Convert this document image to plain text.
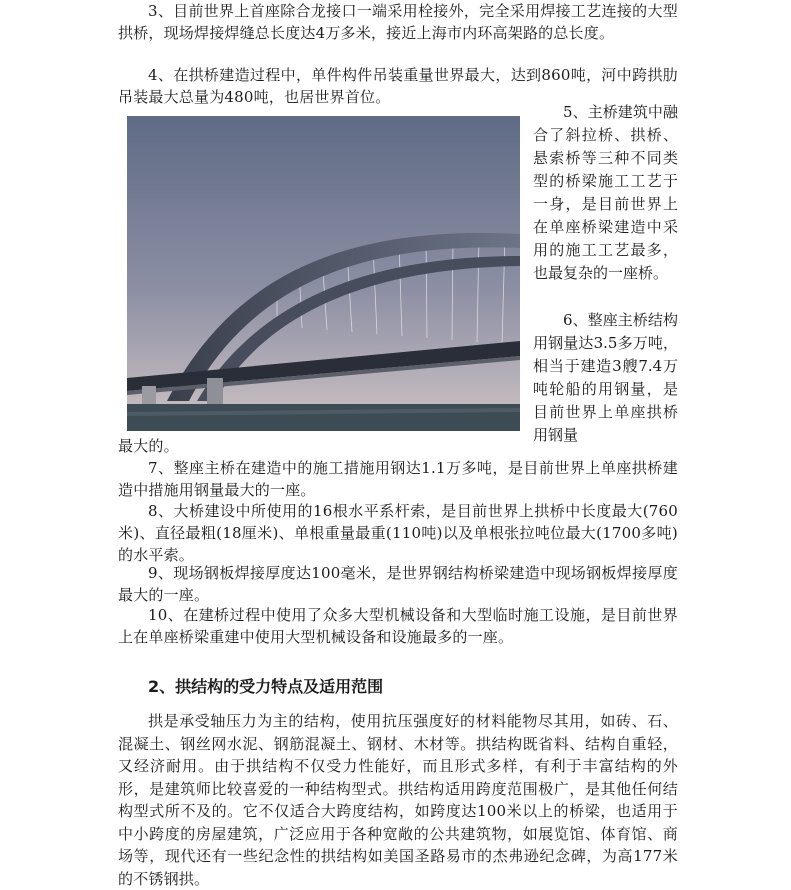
3、目前世界上首座除合龙接口一端采用栓接外，完全采用焊接工艺连接的大型拱桥，现场焊接焊缝总长度达4万多米，接近上海市内环高架路的总长度。

4、在拱桥建造过程中，单件构件吊装重量世界最大，达到860吨，河中跨拱肋吊装最大总量为480吨，也居世界首位。

5、主桥建筑中融合了斜拉桥、拱桥、悬索桥等三种不同类型的桥梁施工工艺于一身，是目前世界上在单座桥梁建造中采用的施工工艺最多，也最复杂的一座桥。

6、整座主桥结构用钢量达3.5多万吨，相当于建造3艘7.4万吨轮船的用钢量，是目前世界上单座拱桥用钢量

最大的。

7、整座主桥在建造中的施工措施用钢达1.1万多吨，是目前世界上单座拱桥建造中措施用钢量最大的一座。

8、大桥建设中所使用的16根水平系杆索，是目前世界上拱桥中长度最大(760米)、直径最粗(18厘米)、单根重量最重(110吨)以及单根张拉吨位最大(1700多吨)的水平索。

9、现场钢板焊接厚度达100毫米，是世界钢结构桥梁建造中现场钢板焊接厚度最大的一座。

10、在建桥过程中使用了众多大型机械设备和大型临时施工设施，是目前世界上在单座桥梁重建中使用大型机械设备和设施最多的一座。

2、拱结构的受力特点及适用范围

拱是承受轴压力为主的结构，使用抗压强度好的材料能物尽其用，如砖、石、混凝土、钢丝网水泥、钢筋混凝土、钢材、木材等。拱结构既省料、结构自重轻，又经济耐用。由于拱结构不仅受力性能好，而且形式多样，有利于丰富结构的外形，是建筑师比较喜爱的一种结构型式。拱结构适用跨度范围极广，是其他任何结构型式所不及的。它不仅适合大跨度结构，如跨度达100米以上的桥梁，也适用于中小跨度的房屋建筑，广泛应用于各种宽敞的公共建筑物，如展览馆、体育馆、商场等，现代还有一些纪念性的拱结构如美国圣路易市的杰弗逊纪念碑，为高177米的不锈钢拱。
